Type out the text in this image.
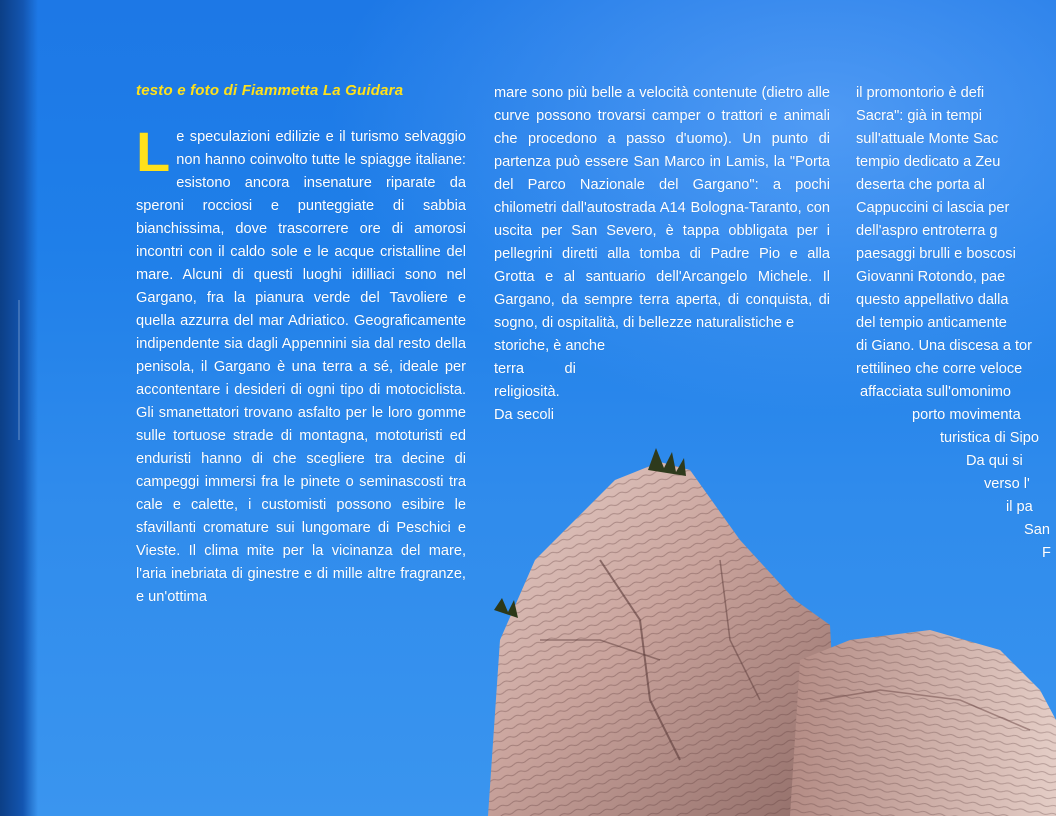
testo e foto di Fiammetta La Guidara
Le speculazioni edilizie e il turismo selvaggio non hanno coinvolto tutte le spiagge italiane: esistono ancora insenature riparate da speroni rocciosi e punteggiate di sabbia bianchissima, dove trascorrere ore di amorosi incontri con il caldo sole e le acque cristalline del mare. Alcuni di questi luoghi idilliaci sono nel Gargano, fra la pianura verde del Tavoliere e quella azzurra del mar Adriatico. Geograficamente indipendente sia dagli Appennini sia dal resto della penisola, il Gargano è una terra a sé, ideale per accontentare i desideri di ogni tipo di motociclista. Gli smanettatori trovano asfalto per le loro gomme sulle tortuose strade di montagna, mototuristi ed enduristi hanno di che scegliere tra decine di campeggi immersi fra le pinete o seminascosti tra cale e calette, i customisti possono esibire le sfavillanti cromature sui lungomare di Peschici e Vieste. Il clima mite per la vicinanza del mare, l'aria inebriata di ginestre e di mille altre fragranze, e un'ottima
mare sono più belle a velocità contenute (dietro alle curve possono trovarsi camper o trattori e animali che procedono a passo d'uomo). Un punto di partenza può essere San Marco in Lamis, la "Porta del Parco Nazionale del Gargano": a pochi chilometri dall'autostrada A14 Bologna-Taranto, con uscita per San Severo, è tappa obbligata per i pellegrini diretti alla tomba di Padre Pio e alla Grotta e al santuario dell'Arcangelo Michele. Il Gargano, da sempre terra aperta, di conquista, di sogno, di ospitalità, di bellezze naturalistiche e
storiche, è anche
terra          di
religiosità.
Da secoli
il promontorio è defi
Sacra": già in tempi
sull'attuale Monte Sac
tempio dedicato a Zeu
deserta che porta al
Cappuccini ci lascia per
dell'aspro entroterra g
paesaggi brulli e boscosi
Giovanni Rotondo, pae
questo appellativo dalla
del tempio anticamente
di Giano. Una discesa a tor
rettilineo che corre veloce
affacciata sull'omonimo
porto movimenta
turistica di Sipo
Da qui si
verso l'
il pa
San
F
